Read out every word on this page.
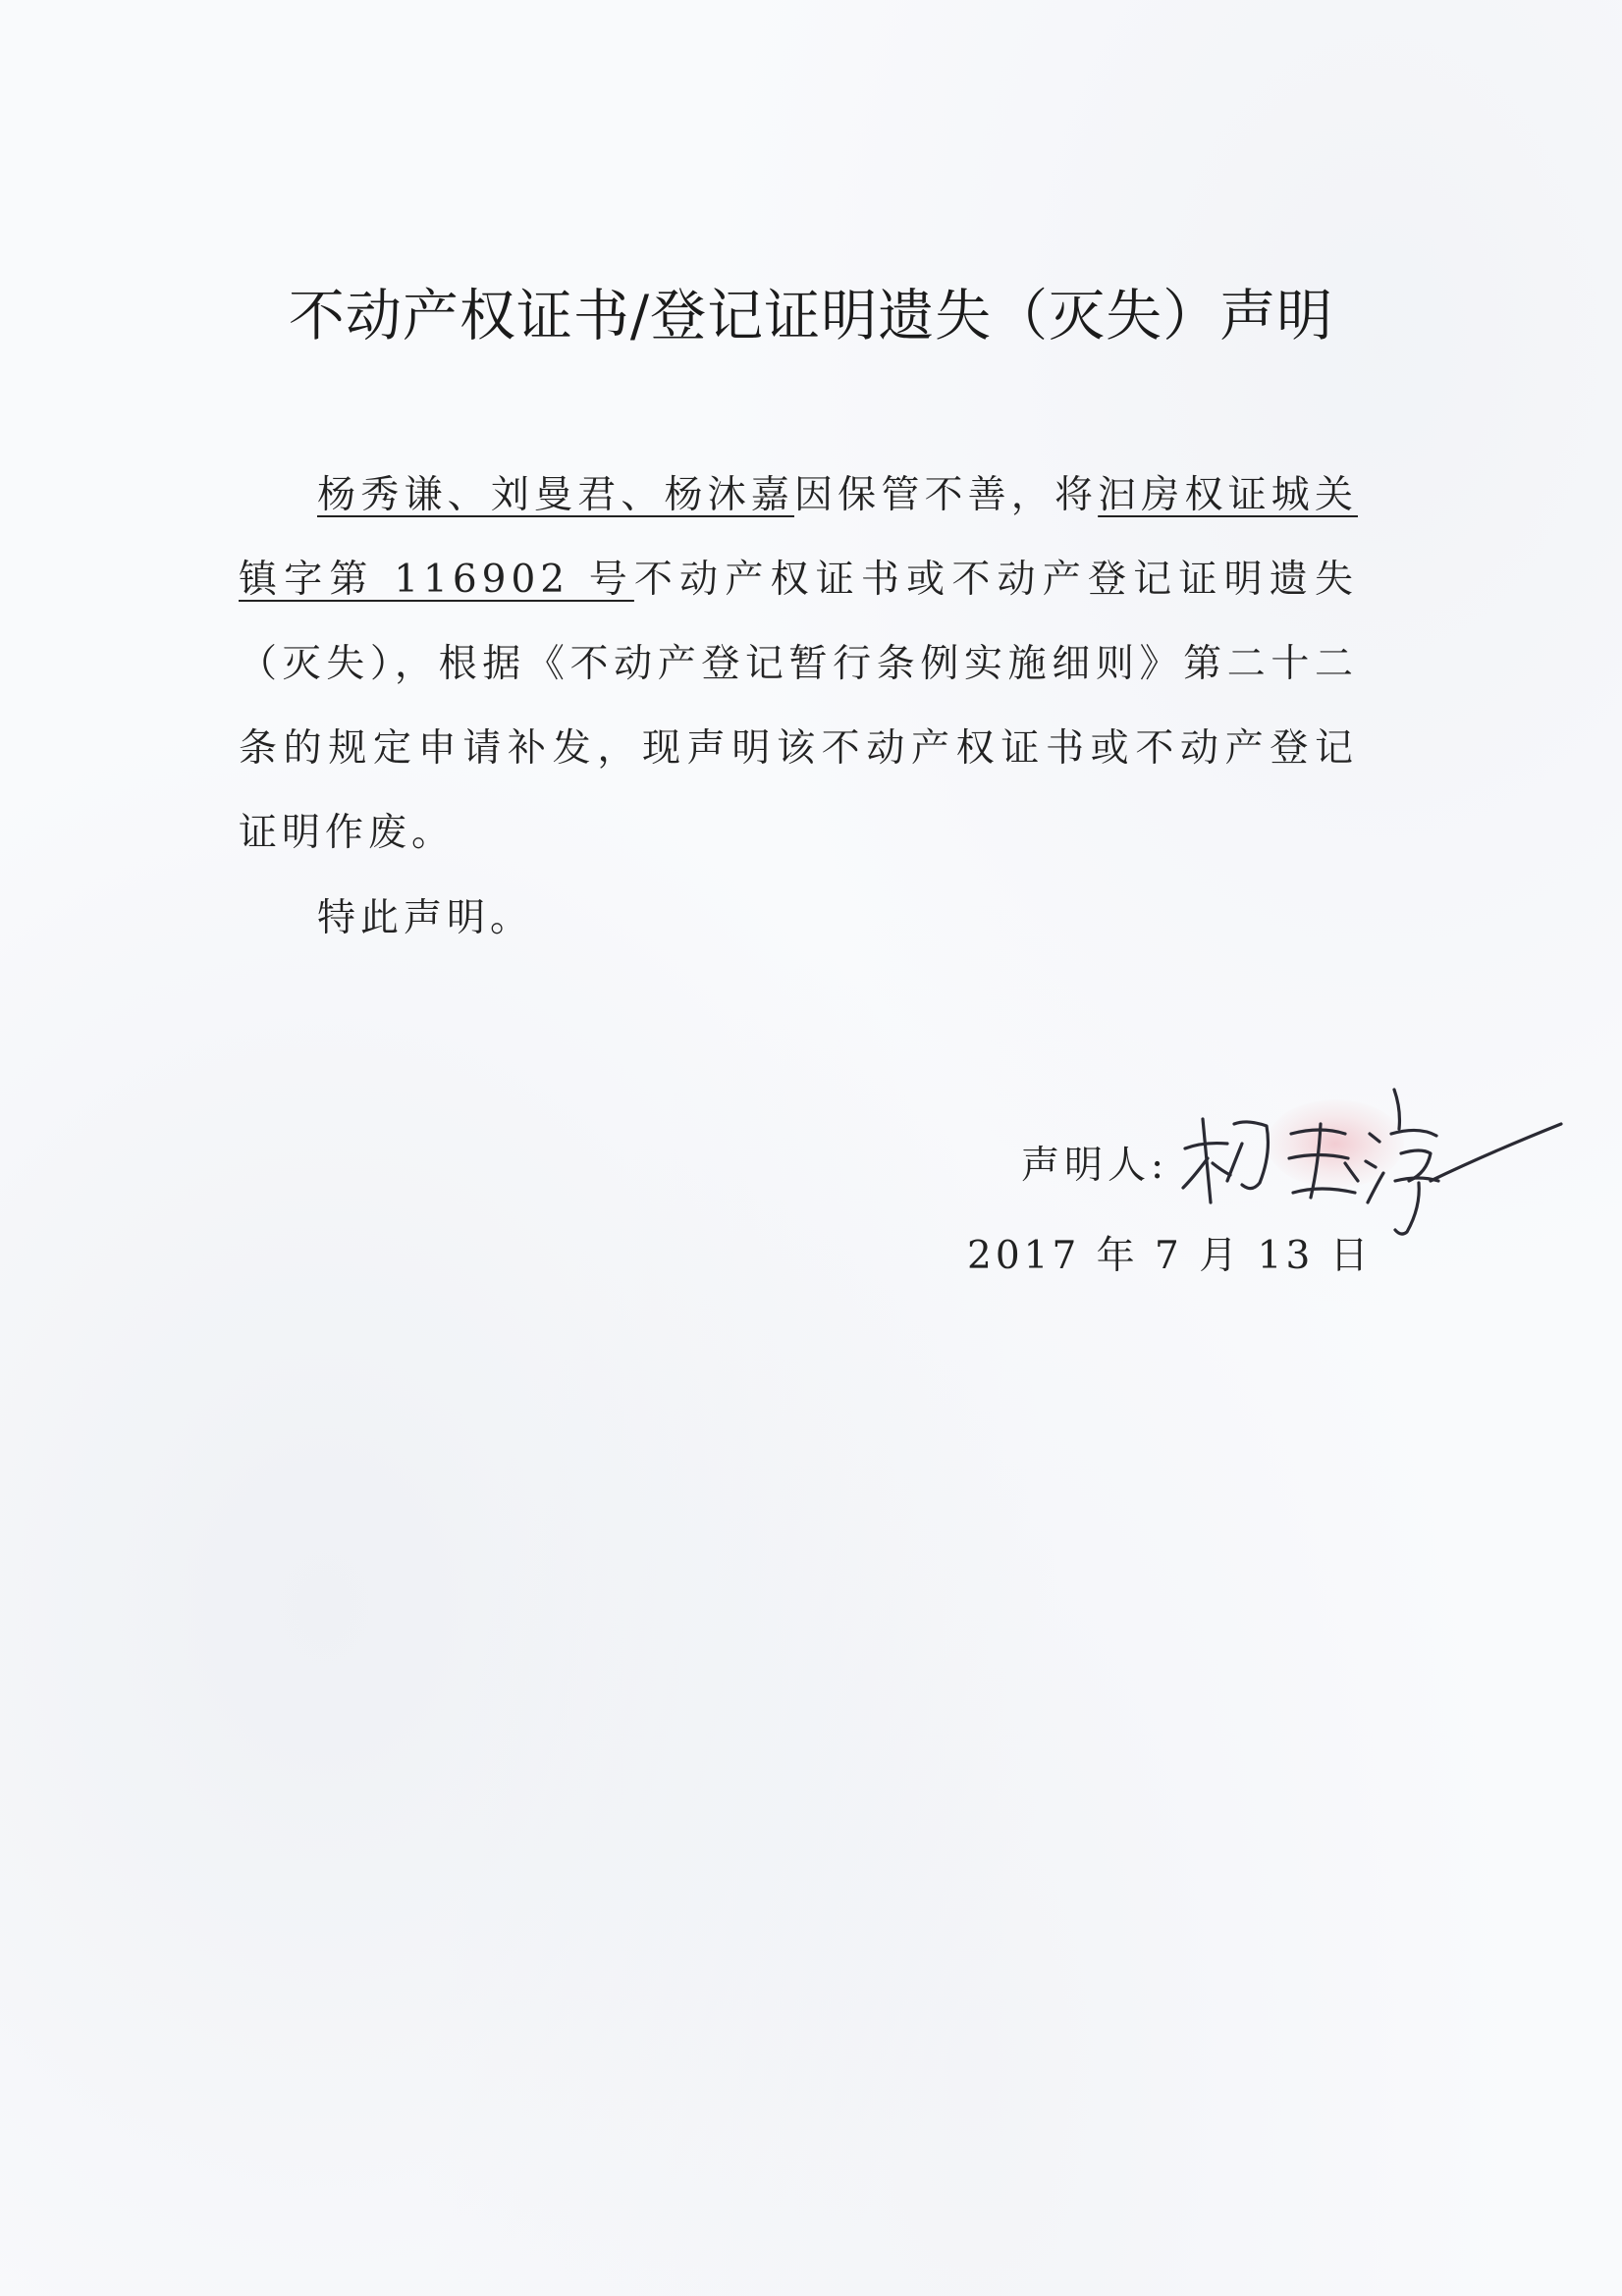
不动产权证书/登记证明遗失（灭失）声明

杨秀谦、刘曼君、杨沐嘉因保管不善，将汩房权证城关镇字第 116902 号不动产权证书或不动产登记证明遗失（灭失），根据《不动产登记暂行条例实施细则》第二十二条的规定申请补发，现声明该不动产权证书或不动产登记证明作废。

特此声明。

声明人:
2017 年 7 月 13 日
